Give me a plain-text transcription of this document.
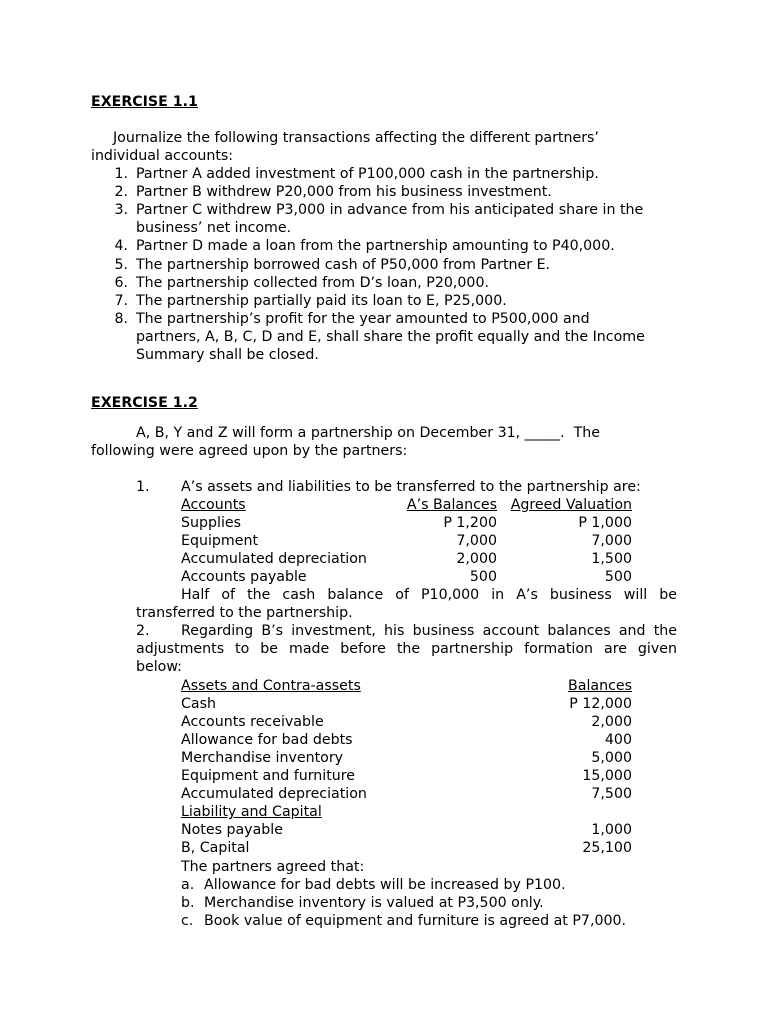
EXERCISE 1.1
Journalize the following transactions affecting the different partners’
individual accounts:
1. Partner A added investment of P100,000 cash in the partnership.
2. Partner B withdrew P20,000 from his business investment.
3. Partner C withdrew P3,000 in advance from his anticipated share in the
business’ net income.
4. Partner D made a loan from the partnership amounting to P40,000.
5. The partnership borrowed cash of P50,000 from Partner E.
6. The partnership collected from D’s loan, P20,000.
7. The partnership partially paid its loan to E, P25,000.
8. The partnership’s profit for the year amounted to P500,000 and
partners, A, B, C, D and E, shall share the profit equally and the Income
Summary shall be closed.
EXERCISE 1.2
A, B, Y and Z will form a partnership on December 31, _____.  The
following were agreed upon by the partners:
1. A’s assets and liabilities to be transferred to the partnership are:
Accounts	A’s Balances Agreed Valuation
Supplies	P 1,200	P 1,000
Equipment	7,000	7,000
Accumulated depreciation	2,000	1,500
Accounts payable	500	500
Half of the cash balance of P10,000 in A’s business will be
transferred to the partnership.
2. Regarding B’s investment, his business account balances and the
adjustments to be made before the partnership formation are given
below:
Assets and Contra-assets	Balances
Cash	P 12,000
Accounts receivable	2,000
Allowance for bad debts	400
Merchandise inventory	5,000
Equipment and furniture	15,000
Accumulated depreciation	7,500
Liability and Capital
Notes payable	1,000
B, Capital	25,100
The partners agreed that:
a. Allowance for bad debts will be increased by P100.
b. Merchandise inventory is valued at P3,500 only.
c. Book value of equipment and furniture is agreed at P7,000.
